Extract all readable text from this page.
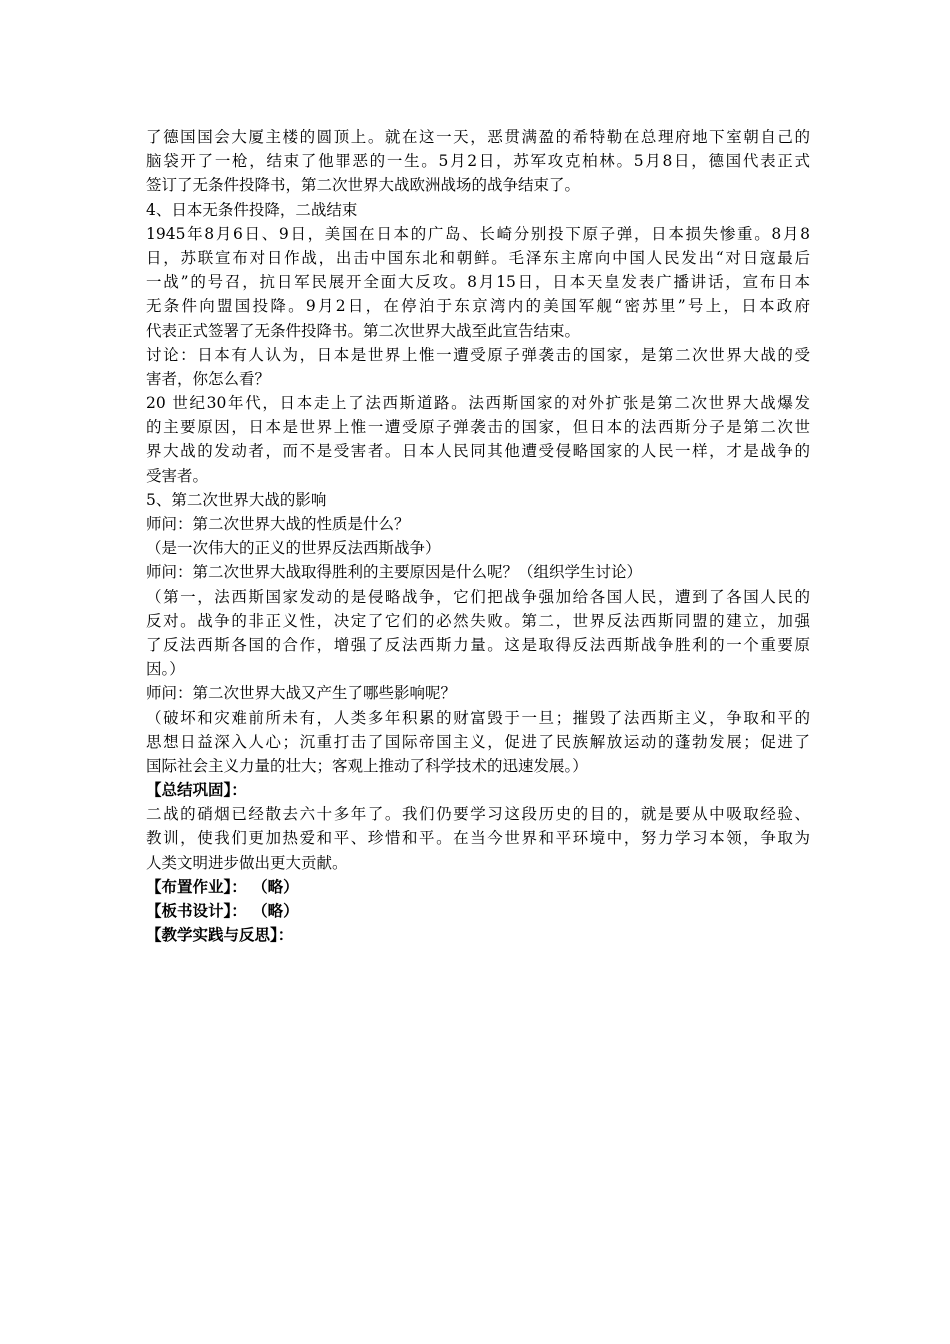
了德国国会大厦主楼的圆顶上。就在这一天，恶贯满盈的希特勒在总理府地下室朝自己的
脑袋开了一枪，结束了他罪恶的一生。5月2日，苏军攻克柏林。5月8日，德国代表正式
签订了无条件投降书，第二次世界大战欧洲战场的战争结束了。
4、日本无条件投降，二战结束
1945年8月6日、9日，美国在日本的广岛、长崎分别投下原子弹，日本损失惨重。8月8
日，苏联宣布对日作战，出击中国东北和朝鲜。毛泽东主席向中国人民发出“对日寇最后
一战”的号召，抗日军民展开全面大反攻。8月15日，日本天皇发表广播讲话，宣布日本
无条件向盟国投降。9月2日，在停泊于东京湾内的美国军舰“密苏里”号上，日本政府
代表正式签署了无条件投降书。第二次世界大战至此宣告结束。
讨论：日本有人认为，日本是世界上惟一遭受原子弹袭击的国家，是第二次世界大战的受
害者，你怎么看？
20 世纪30年代，日本走上了法西斯道路。法西斯国家的对外扩张是第二次世界大战爆发
的主要原因，日本是世界上惟一遭受原子弹袭击的国家，但日本的法西斯分子是第二次世
界大战的发动者，而不是受害者。日本人民同其他遭受侵略国家的人民一样，才是战争的
受害者。
5、第二次世界大战的影响
师问：第二次世界大战的性质是什么？
（是一次伟大的正义的世界反法西斯战争）
师问：第二次世界大战取得胜利的主要原因是什么呢？（组织学生讨论）
（第一，法西斯国家发动的是侵略战争，它们把战争强加给各国人民，遭到了各国人民的
反对。战争的非正义性，决定了它们的必然失败。第二，世界反法西斯同盟的建立，加强
了反法西斯各国的合作，增强了反法西斯力量。这是取得反法西斯战争胜利的一个重要原
因。）
师问：第二次世界大战又产生了哪些影响呢？
（破坏和灾难前所未有，人类多年积累的财富毁于一旦；摧毁了法西斯主义，争取和平的
思想日益深入人心；沉重打击了国际帝国主义，促进了民族解放运动的蓬勃发展；促进了
国际社会主义力量的壮大；客观上推动了科学技术的迅速发展。）
【总结巩固】：
二战的硝烟已经散去六十多年了。我们仍要学习这段历史的目的，就是要从中吸取经验、
教训，使我们更加热爱和平、珍惜和平。在当今世界和平环境中，努力学习本领，争取为
人类文明进步做出更大贡献。
【布置作业】： （略）
【板书设计】： （略）
【教学实践与反思】：
